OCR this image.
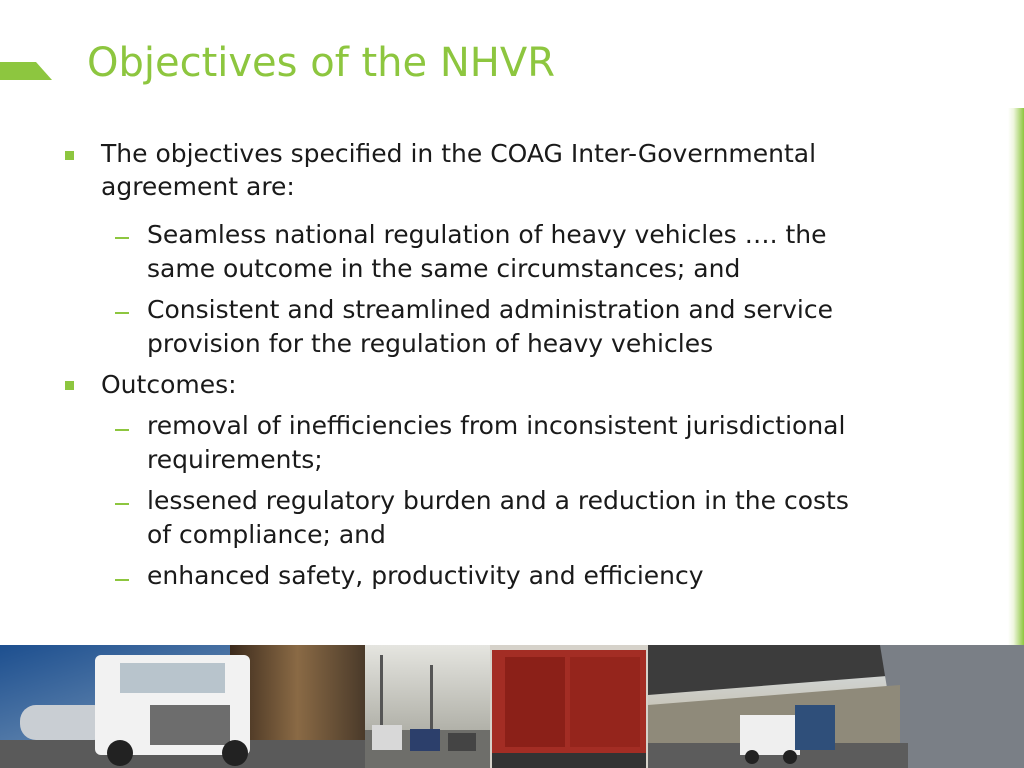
Objectives of the NHVR
The objectives specified in the COAG Inter-Governmental
agreement are:
Seamless national regulation of heavy vehicles …. the
same outcome in the same circumstances; and
Consistent and streamlined administration and service
provision for the regulation of heavy vehicles
Outcomes:
removal of inefficiencies from inconsistent jurisdictional
requirements;
lessened regulatory burden and a reduction in the costs
of compliance; and
enhanced safety, productivity and efficiency
